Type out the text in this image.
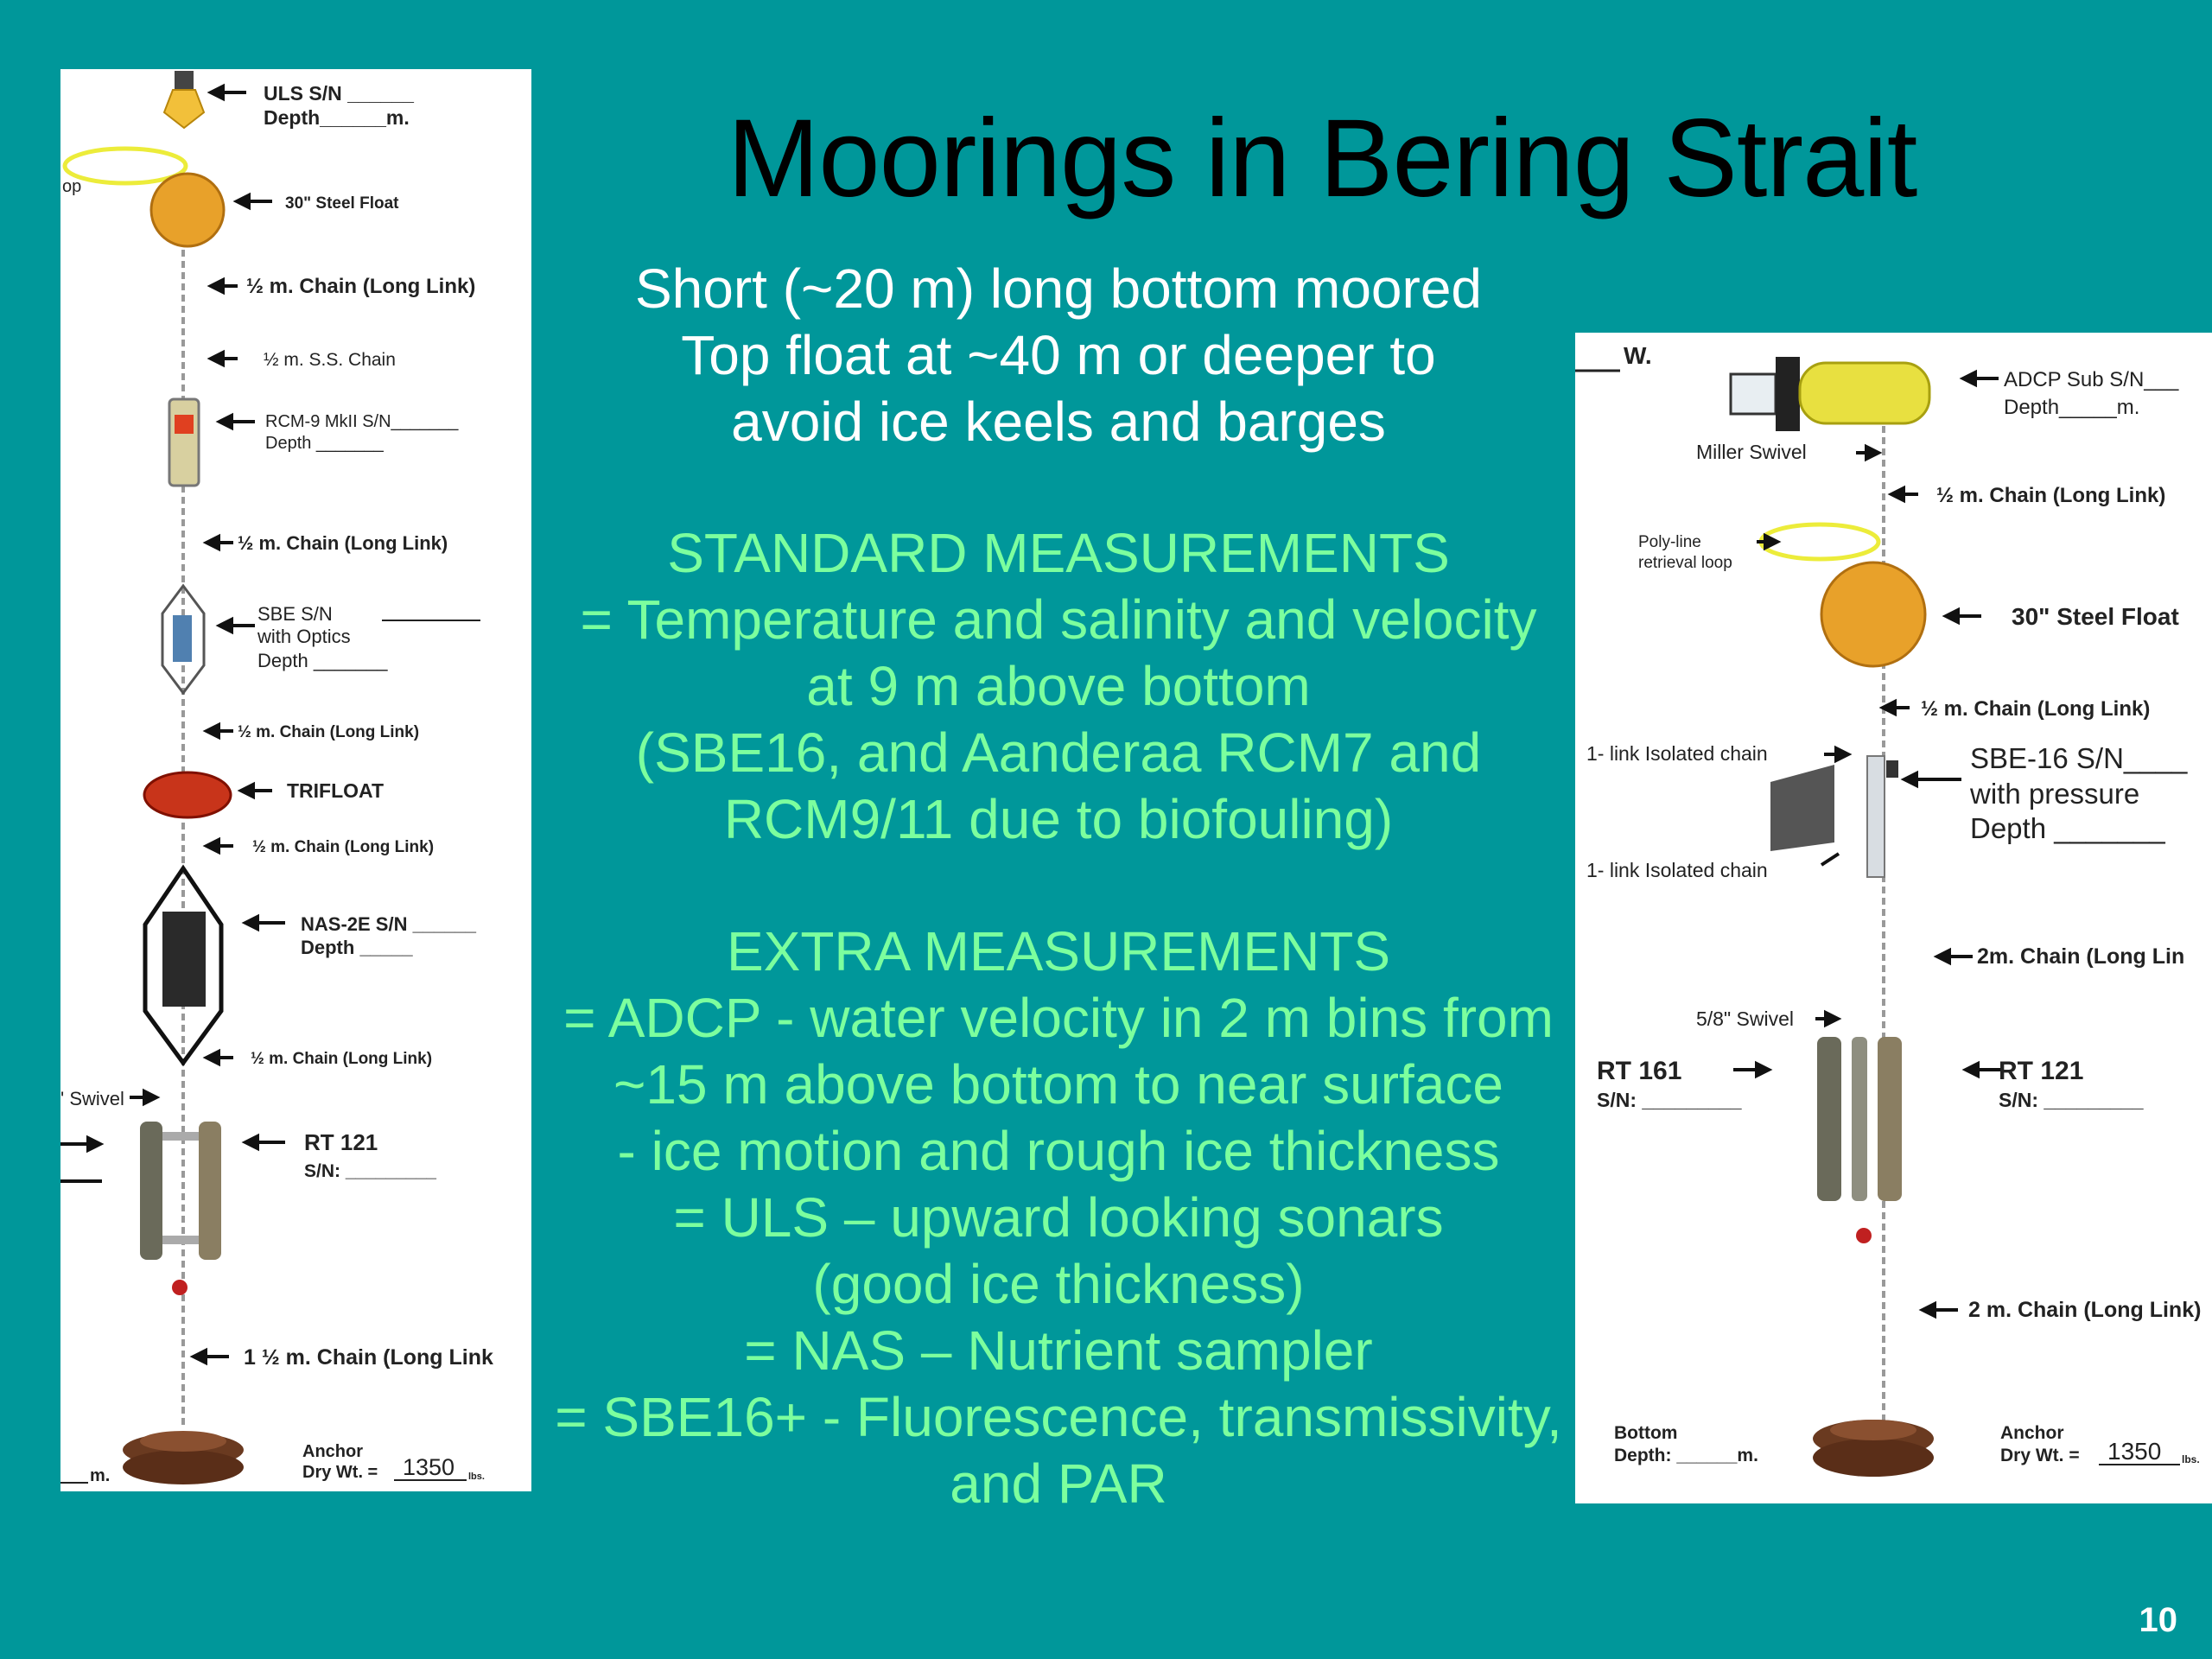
Moorings in Bering Strait
Short (~20 m) long bottom moored
Top float at ~40 m or deeper to
avoid ice keels and barges
STANDARD MEASUREMENTS
= Temperature and salinity and velocity
at 9 m above bottom
(SBE16, and Aanderaa RCM7 and
RCM9/11 due to biofouling)
EXTRA MEASUREMENTS
= ADCP - water velocity in 2 m bins from
~15 m above bottom to near surface
- ice motion and rough ice thickness
= ULS – upward looking sonars
(good ice thickness)
= NAS – Nutrient sampler
= SBE16+ - Fluorescence, transmissivity,
and PAR
ULS S/N ______
Depth______m.
op
30" Steel Float
½ m. Chain (Long Link)
½ m. S.S. Chain
RCM-9 MkII S/N_______
Depth _______
½ m. Chain (Long Link)
SBE S/N
with Optics
Depth _______
½ m. Chain (Long Link)
TRIFLOAT
½ m. Chain (Long Link)
NAS-2E S/N ______
Depth _____
½ m. Chain (Long Link)
' Swivel
RT 121
S/N: _________
1 ½ m. Chain (Long Link
Anchor
Dry Wt. = 1350 lbs.
m.
W.
ADCP Sub S/N___
Depth_____m.
Miller Swivel
½ m. Chain (Long Link)
Poly-line
retrieval loop
30" Steel Float
½ m. Chain (Long Link)
1- link Isolated chain	SBE-16 S/N____
with pressure
Depth _______
1- link Isolated chain
2m. Chain (Long Lin
5/8" Swivel
RT 161
S/N: _________
RT 121
S/N: _________
2 m. Chain (Long Link)
Bottom
Depth: ______m.
Anchor
Dry Wt. = 1350 lbs.
10
